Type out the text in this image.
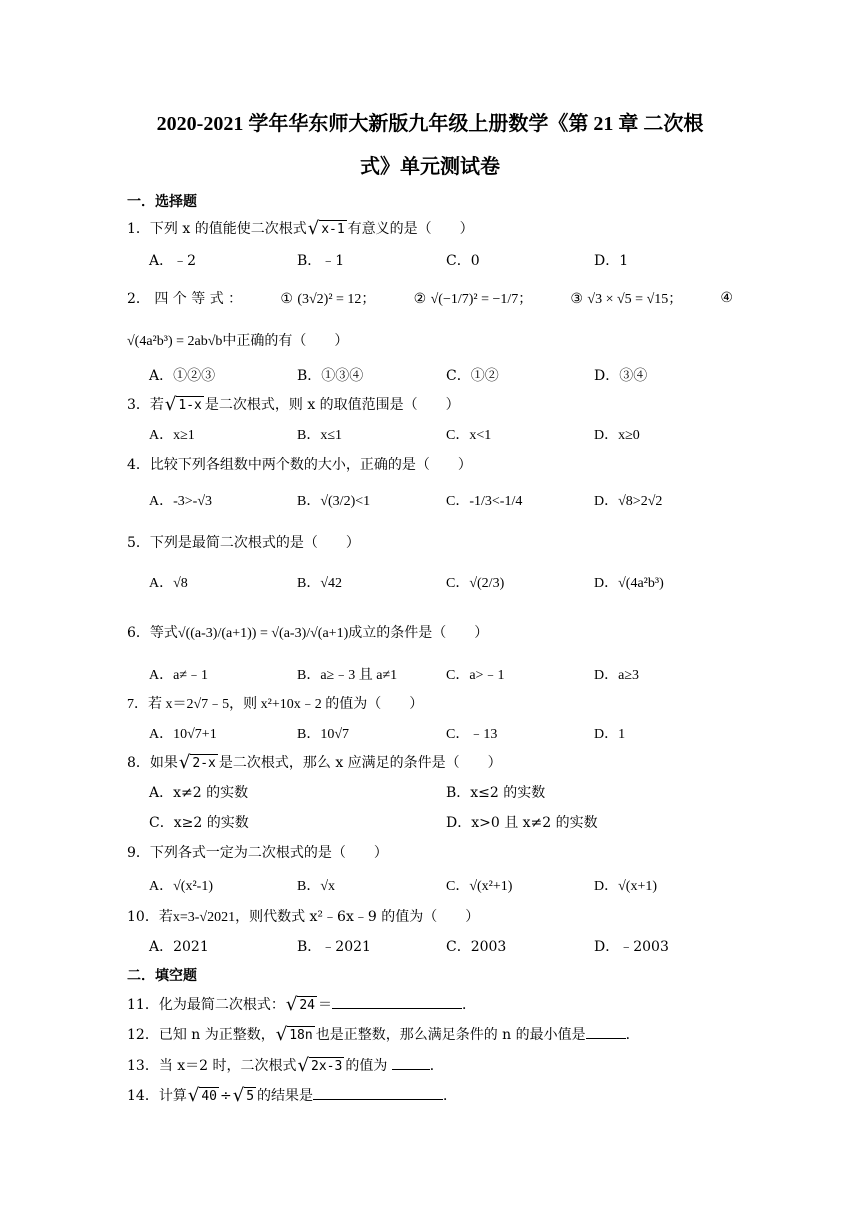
2020-2021 学年华东师大新版九年级上册数学《第 21 章 二次根
式》单元测试卷
一．选择题
1．下列 x 的值能使二次根式 √ x-1 有意义的是（　　）
A．﹣2	B．﹣1	C．0	D．1
2． 四 个 等 式 ：	① (3√2)² = 12；	② √(−1/7)² = −1/7；	③ √3 × √5 = √15；	④
√(4a²b³) = 2ab√b中正确的有（　　）
A．①②③	B．①③④	C．①②	D．③④
3．若 √ 1-x 是二次根式，则 x 的取值范围是（　　）
A．x≥1	B．x≤1	C．x<1	D．x≥0
4．比较下列各组数中两个数的大小，正确的是（　　）
A．-3>-√3	B．√(3/2)<1	C．-1/3<-1/4	D．√8>2√2
5．下列是最简二次根式的是（　　）
A．√8	B．√42	C．√(2/3)	D．√(4a²b³)
6．等式√((a-3)/(a+1)) = √(a-3)/√(a+1)成立的条件是（　　）
A．a≠﹣1	B．a≥﹣3 且 a≠1	C．a>﹣1	D．a≥3
7．若 x＝2√7﹣5，则 x²+10x﹣2 的值为（　　）
A．10√7+1	B．10√7	C．﹣13	D．1
8．如果 √ 2-x 是二次根式，那么 x 应满足的条件是（　　）
A．x≠2 的实数	B．x≤2 的实数
C．x≥2 的实数	D．x>0 且 x≠2 的实数
9．下列各式一定为二次根式的是（　　）
A．√(x²-1)	B．√x	C．√(x²+1)	D．√(x+1)
10．若x=3-√2021，则代数式 x²﹣6x﹣9 的值为（　　）
A．2021	B．﹣2021	C．2003	D．﹣2003
二．填空题
11．化为最简二次根式： √ 24 ＝	．
12．已知 n 为正整数， √ 18n 也是正整数，那么满足条件的 n 的最小值是	．
13．当 x＝2 时，二次根式 √ 2x-3 的值为	．
14．计算 √ 40 ÷ √ 5 的结果是	．
